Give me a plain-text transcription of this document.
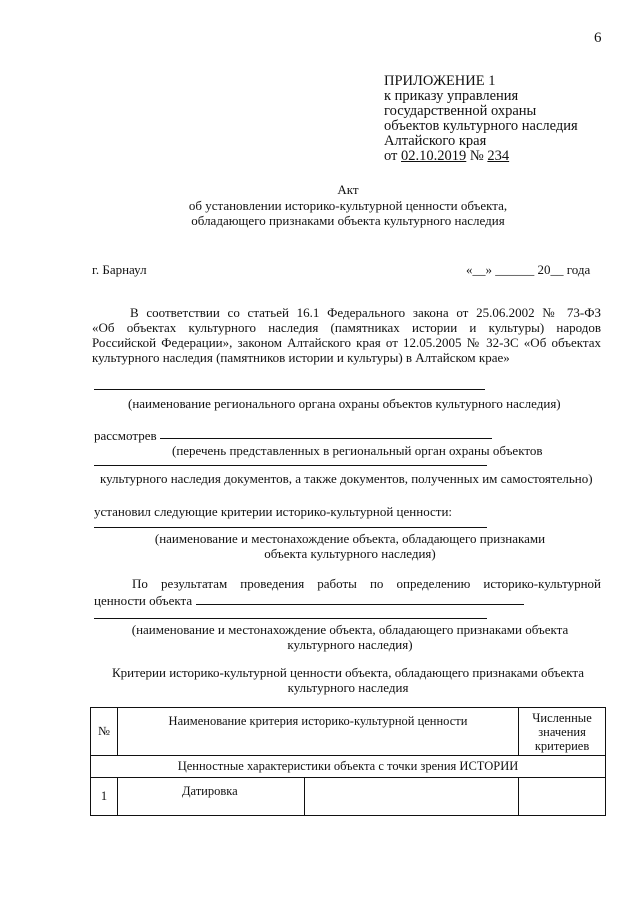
6
ПРИЛОЖЕНИЕ 1
к приказу управления
государственной охраны
объектов культурного наследия
Алтайского края
от 02.10.2019 № 234
Акт
об установлении историко-культурной ценности объекта,
обладающего признаками объекта культурного наследия
г. Барнаул	«__» ______ 20__ года
В соответствии со статьей 16.1 Федерального закона от 25.06.2002 № 73-ФЗ
«Об объектах культурного наследия (памятниках истории и культуры) народов
Российской Федерации», законом Алтайского края от 12.05.2005 № 32-ЗС «Об объектах
культурного наследия (памятников истории и культуры) в Алтайском крае»
(наименование регионального органа охраны объектов культурного наследия)
рассмотрев
(перечень представленных в региональный орган охраны объектов
культурного наследия документов, а также документов, полученных им самостоятельно)
установил следующие критерии историко-культурной ценности:
(наименование и местонахождение объекта, обладающего признаками
объекта культурного наследия)
По результатам проведения работы по определению историко-культурной
ценности объекта
(наименование и местонахождение объекта, обладающего признаками объекта
культурного наследия)
Критерии историко-культурной ценности объекта, обладающего признаками объекта
культурного наследия
№	Наименование критерия историко-культурной ценности		Численные
значения
критериев

Ценностные характеристики объекта с точки зрения ИСТОРИИ			
1	Датировка		
